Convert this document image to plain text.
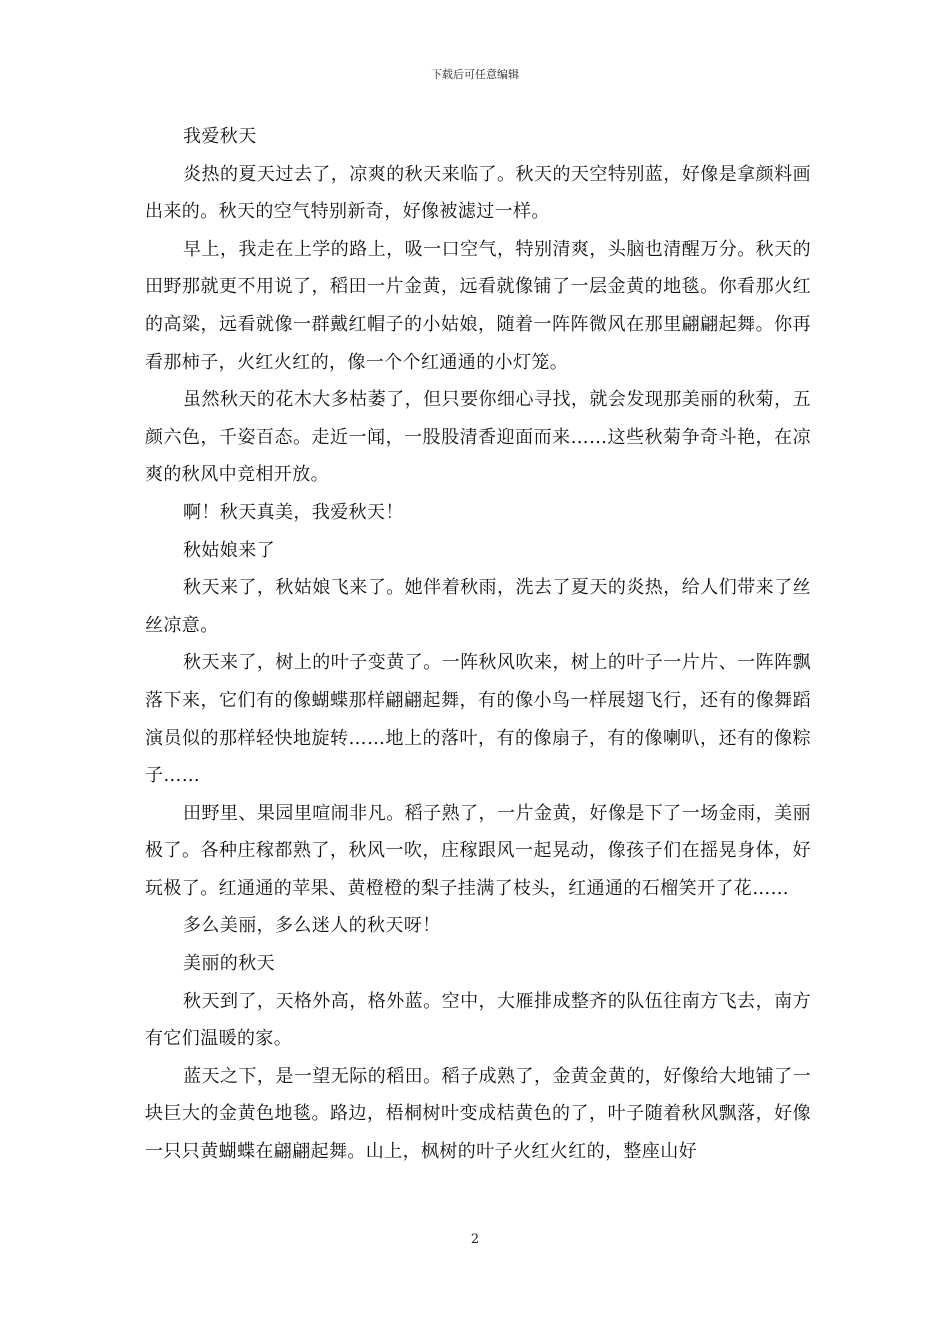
下载后可任意编辑

我爱秋天

炎热的夏天过去了，凉爽的秋天来临了。秋天的天空特别蓝，好像是拿颜料画出来的。秋天的空气特别新奇，好像被滤过一样。

早上，我走在上学的路上，吸一口空气，特别清爽，头脑也清醒万分。秋天的田野那就更不用说了，稻田一片金黄，远看就像铺了一层金黄的地毯。你看那火红的高粱，远看就像一群戴红帽子的小姑娘，随着一阵阵微风在那里翩翩起舞。你再看那柿子，火红火红的，像一个个红通通的小灯笼。

虽然秋天的花木大多枯萎了，但只要你细心寻找，就会发现那美丽的秋菊，五颜六色，千姿百态。走近一闻，一股股清香迎面而来……这些秋菊争奇斗艳，在凉爽的秋风中竞相开放。

啊！秋天真美，我爱秋天！

秋姑娘来了

秋天来了，秋姑娘飞来了。她伴着秋雨，洗去了夏天的炎热，给人们带来了丝丝凉意。

秋天来了，树上的叶子变黄了。一阵秋风吹来，树上的叶子一片片、一阵阵飘落下来，它们有的像蝴蝶那样翩翩起舞，有的像小鸟一样展翅飞行，还有的像舞蹈演员似的那样轻快地旋转……地上的落叶，有的像扇子，有的像喇叭，还有的像粽子……

田野里、果园里喧闹非凡。稻子熟了，一片金黄，好像是下了一场金雨，美丽极了。各种庄稼都熟了，秋风一吹，庄稼跟风一起晃动，像孩子们在摇晃身体，好玩极了。红通通的苹果、黄橙橙的梨子挂满了枝头，红通通的石榴笑开了花……

多么美丽，多么迷人的秋天呀！

美丽的秋天

秋天到了，天格外高，格外蓝。空中，大雁排成整齐的队伍往南方飞去，南方有它们温暖的家。

蓝天之下，是一望无际的稻田。稻子成熟了，金黄金黄的，好像给大地铺了一块巨大的金黄色地毯。路边，梧桐树叶变成桔黄色的了，叶子随着秋风飘落，好像一只只黄蝴蝶在翩翩起舞。山上，枫树的叶子火红火红的，整座山好

2
